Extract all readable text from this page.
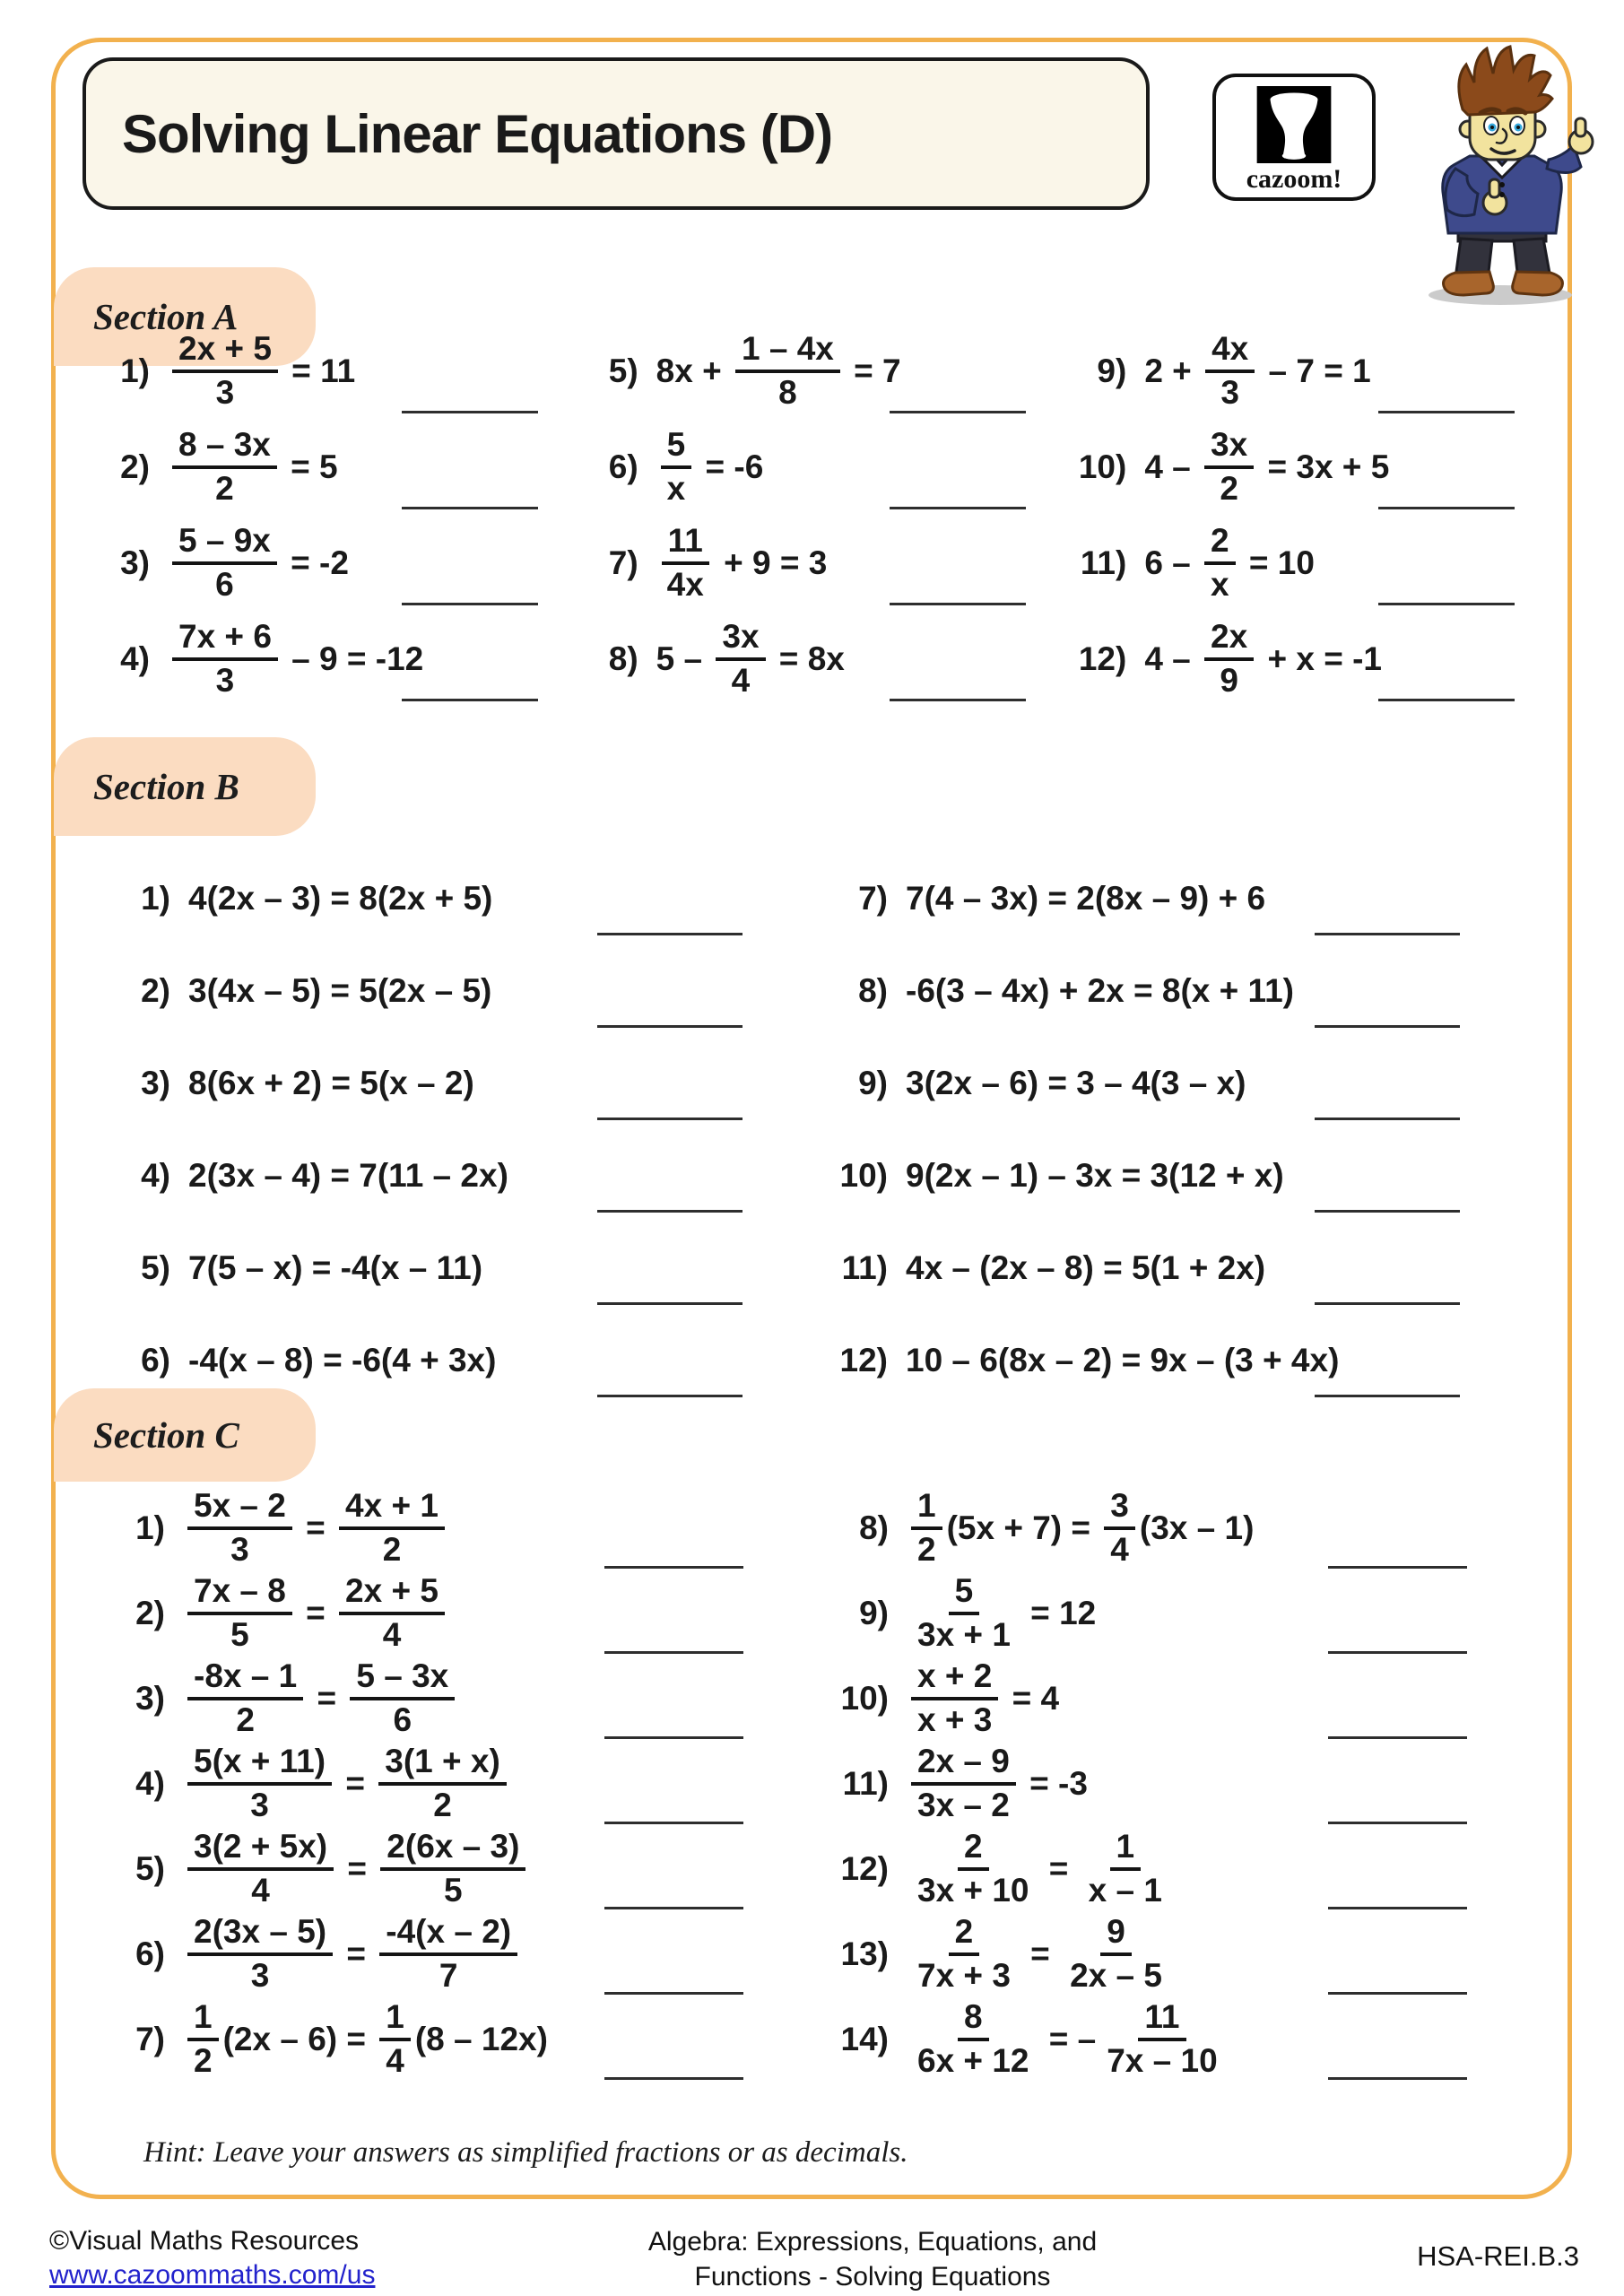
Solving Linear Equations (D)
cazoom!
Section A
$1) \frac{2x + 5}{3} = 11$
$2) \frac{8 - 3x}{2} = 5$
$3) \frac{5 - 9x}{6} = -2$
$4) \frac{7x + 6}{3} - 9 = -12$
5) $8x + \frac{1 - 4x}{8} = 7$
$6) \frac{5}{x} = -6$
$7) \frac{11}{4x} + 9 = 3$
8) $5 - \frac{3x}{4} = 8x$
9) $2 + \frac{4x}{3} - 7 = 1$
10) $4 - \frac{3x}{2} = 3x + 5$
11) $6 - \frac{2}{x} = 10$
12) $4 - \frac{2x}{9} + x = -1$
Section B
1) 4(2x – 3) = 8(2x + 5)
2) 3(4x – 5) = 5(2x – 5)
3) 8(6x + 2) = 5(x – 2)
4) 2(3x – 4) = 7(11 – 2x)
5) 7(5 – x) = -4(x – 11)
6) -4(x – 8) = -6(4 + 3x)
7) 7(4 – 3x) = 2(8x – 9) + 6
8) -6(3 – 4x) + 2x = 8(x + 11)
9) 3(2x – 6) = 3 – 4(3 – x)
10) 9(2x – 1) – 3x = 3(12 + x)
11) 4x – (2x – 8) = 5(1 + 2x)
12) 10 – 6(8x – 2) = 9x – (3 + 4x)
Section C
$1) \frac{5x - 2}{3} = \frac{4x + 1}{2}$
$2) \frac{7x - 8}{5} = \frac{2x + 5}{4}$
$3) \frac{-8x - 1}{2} = \frac{5 - 3x}{6}$
$4) \frac{5(x + 11)}{3} = \frac{3(1 + x)}{2}$
$5) \frac{3(2 + 5x)}{4} = \frac{2(6x - 3)}{5}$
$6) \frac{2(3x - 5)}{3} = \frac{-4(x - 2)}{7}$
$7) \frac{1}{2} (2x - 6) = \frac{1}{4} (8 - 12x)$
$8) \frac{1}{2} (5x + 7) = \frac{3}{4} (3x - 1)$
$9) \frac{5}{3x + 1} = 12$
$10) \frac{x + 2}{x + 3} = 4$
$11) \frac{2x - 9}{3x - 2} = -3$
$12) \frac{2}{3x + 10} = \frac{1}{x - 1}$
$13) \frac{2}{7x + 3} = \frac{9}{2x - 5}$
$14) \frac{8}{6x + 12}$ = – $\frac{11}{7x - 10}$
Hint: Leave your answers as simplified fractions or as decimals.
©Visual Maths Resources
www.cazoommaths.com/us
Algebra: Expressions, Equations, and
Functions - Solving Equations
HSA-REI.B.3
